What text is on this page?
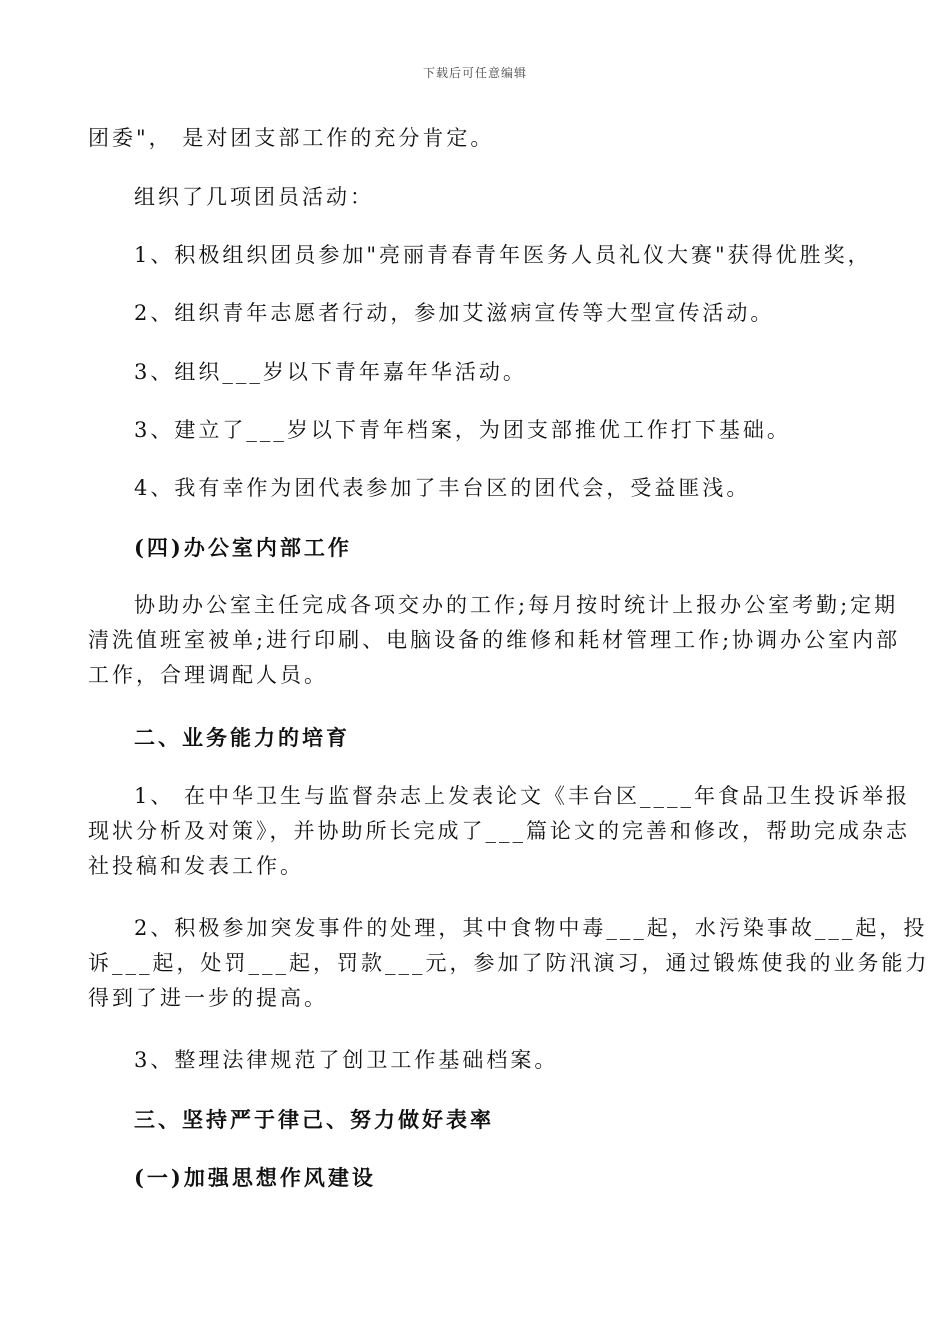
下载后可任意编辑
团委"， 是对团支部工作的充分肯定。
组织了几项团员活动：
1、积极组织团员参加"亮丽青春青年医务人员礼仪大赛"获得优胜奖，
2、组织青年志愿者行动，参加艾滋病宣传等大型宣传活动。
3、组织___岁以下青年嘉年华活动。
3、建立了___岁以下青年档案，为团支部推优工作打下基础。
4、我有幸作为团代表参加了丰台区的团代会，受益匪浅。
(四)办公室内部工作
协助办公室主任完成各项交办的工作;每月按时统计上报办公室考勤;定期
清洗值班室被单;进行印刷、电脑设备的维修和耗材管理工作;协调办公室内部
工作，合理调配人员。
二、业务能力的培育
1、 在中华卫生与监督杂志上发表论文《丰台区____年食品卫生投诉举报
现状分析及对策》，并协助所长完成了___篇论文的完善和修改，帮助完成杂志
社投稿和发表工作。
2、积极参加突发事件的处理，其中食物中毒___起，水污染事故___起，投
诉___起，处罚___起，罚款___元，参加了防汛演习，通过锻炼使我的业务能力
得到了进一步的提高。
3、整理法律规范了创卫工作基础档案。
三、坚持严于律己、努力做好表率
(一)加强思想作风建设
